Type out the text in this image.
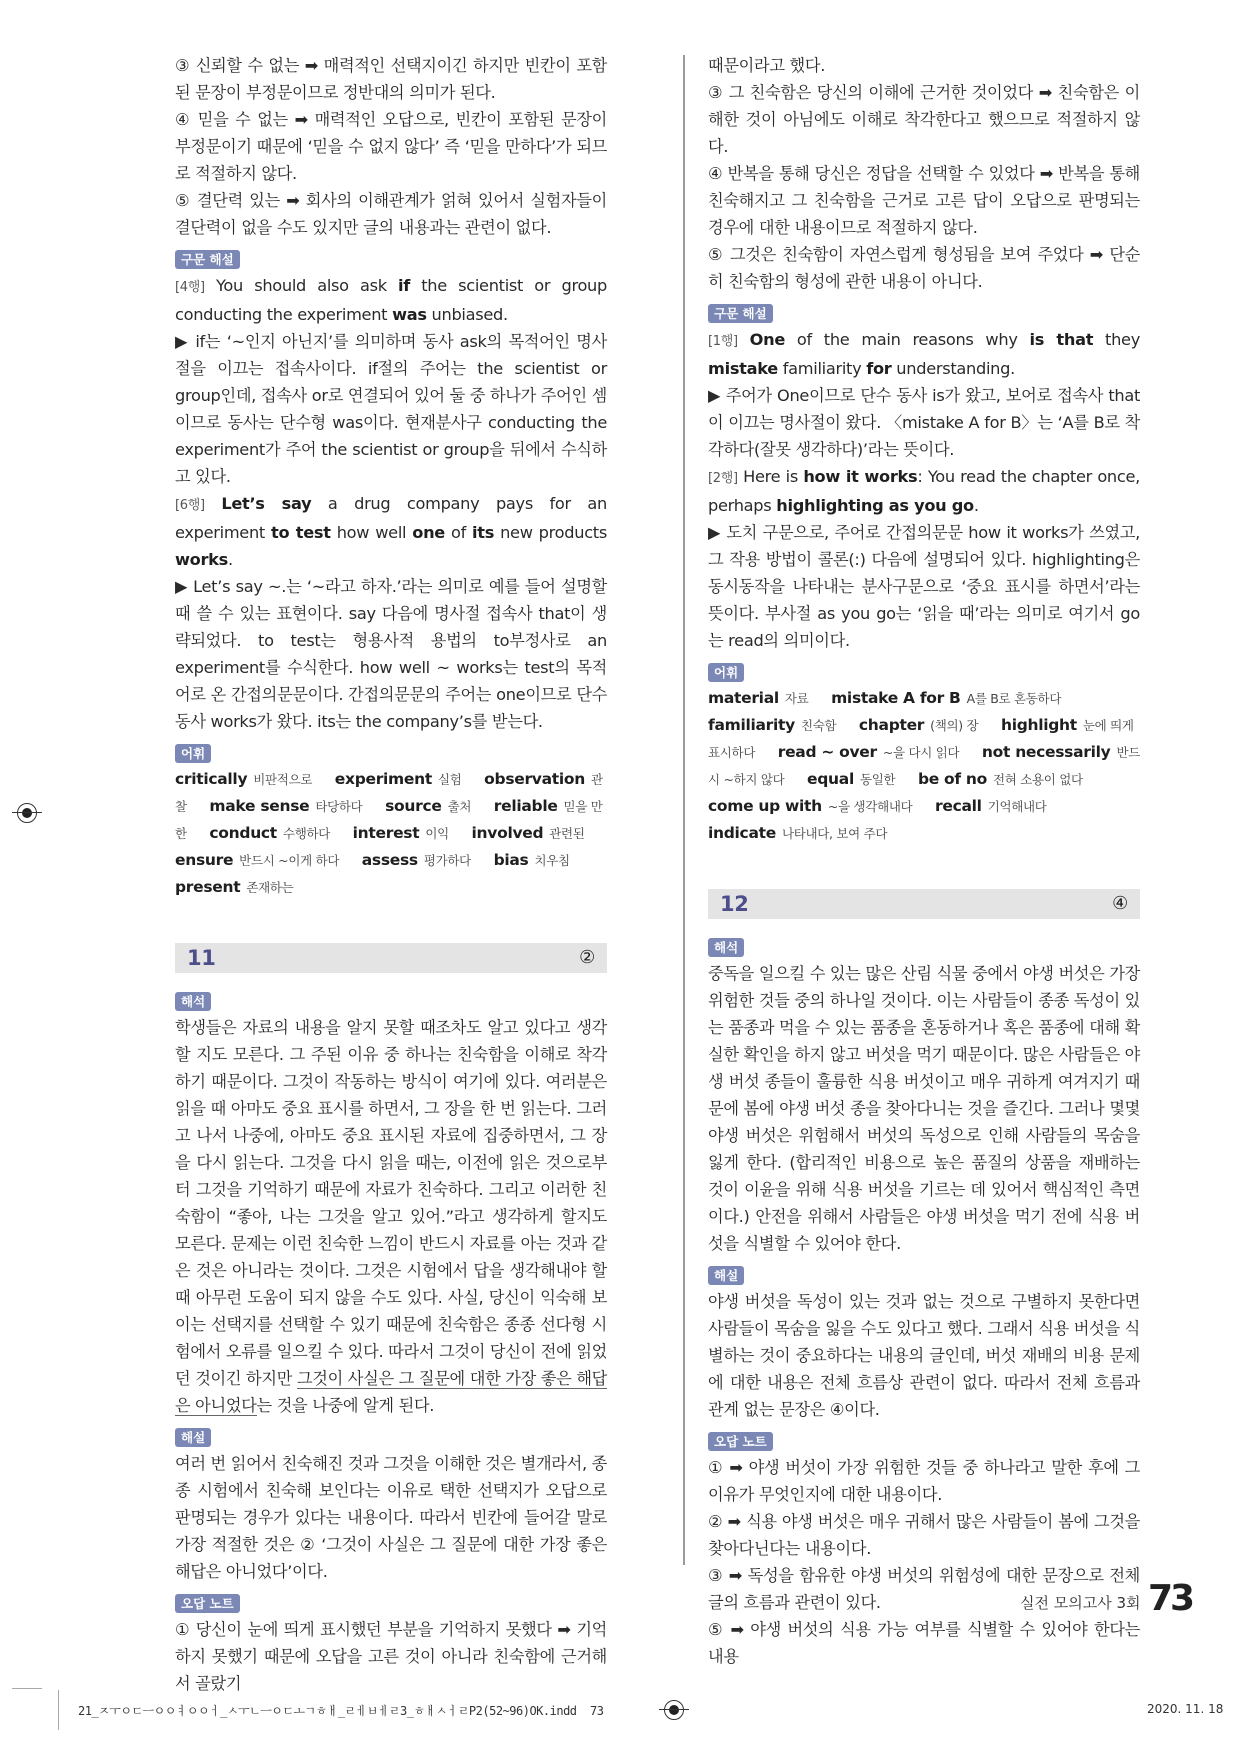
③ 신뢰할 수 없는 ➡ 매력적인 선택지이긴 하지만 빈칸이 포함된 문장이 부정문이므로 정반대의 의미가 된다.

④ 믿을 수 없는 ➡ 매력적인 오답으로, 빈칸이 포함된 문장이 부정문이기 때문에 ‘믿을 수 없지 않다’ 즉 ‘믿을 만하다’가 되므로 적절하지 않다.

⑤ 결단력 있는 ➡ 회사의 이해관계가 얽혀 있어서 실험자들이 결단력이 없을 수도 있지만 글의 내용과는 관련이 없다.

구문 해설

[4행] You should also ask if the scientist or group conducting the experiment was unbiased.

▶ if는 ‘~인지 아닌지’를 의미하며 동사 ask의 목적어인 명사절을 이끄는 접속사이다. if절의 주어는 the scientist or group인데, 접속사 or로 연결되어 있어 둘 중 하나가 주어인 셈이므로 동사는 단수형 was이다. 현재분사구 conducting the experiment가 주어 the scientist or group을 뒤에서 수식하고 있다.

[6행] Let’s say a drug company pays for an experiment to test how well one of its new products works.

▶ Let’s say ~.는 ‘~라고 하자.’라는 의미로 예를 들어 설명할 때 쓸 수 있는 표현이다. say 다음에 명사절 접속사 that이 생략되었다. to test는 형용사적 용법의 to부정사로 an experiment를 수식한다. how well ~ works는 test의 목적어로 온 간접의문문이다. 간접의문문의 주어는 one이므로 단수 동사 works가 왔다. its는 the company’s를 받는다.

어휘

critically 비판적으로 experiment 실험 observation 관찰 make sense 타당하다 source 출처 reliable 믿을 만한 conduct 수행하다 interest 이익 involved 관련된 ensure 반드시 ~이게 하다 assess 평가하다 bias 치우침 present 존재하는

11	②
해석

학생들은 자료의 내용을 알지 못할 때조차도 알고 있다고 생각할 지도 모른다. 그 주된 이유 중 하나는 친숙함을 이해로 착각하기 때문이다. 그것이 작동하는 방식이 여기에 있다. 여러분은 읽을 때 아마도 중요 표시를 하면서, 그 장을 한 번 읽는다. 그러고 나서 나중에, 아마도 중요 표시된 자료에 집중하면서, 그 장을 다시 읽는다. 그것을 다시 읽을 때는, 이전에 읽은 것으로부터 그것을 기억하기 때문에 자료가 친숙하다. 그리고 이러한 친숙함이 “좋아, 나는 그것을 알고 있어.”라고 생각하게 할지도 모른다. 문제는 이런 친숙한 느낌이 반드시 자료를 아는 것과 같은 것은 아니라는 것이다. 그것은 시험에서 답을 생각해내야 할 때 아무런 도움이 되지 않을 수도 있다. 사실, 당신이 익숙해 보이는 선택지를 선택할 수 있기 때문에 친숙함은 종종 선다형 시험에서 오류를 일으킬 수 있다. 따라서 그것이 당신이 전에 읽었던 것이긴 하지만 그것이 사실은 그 질문에 대한 가장 좋은 해답은 아니었다는 것을 나중에 알게 된다.

해설

여러 번 읽어서 친숙해진 것과 그것을 이해한 것은 별개라서, 종종 시험에서 친숙해 보인다는 이유로 택한 선택지가 오답으로 판명되는 경우가 있다는 내용이다. 따라서 빈칸에 들어갈 말로 가장 적절한 것은 ② ‘그것이 사실은 그 질문에 대한 가장 좋은 해답은 아니었다’이다.

오답 노트

① 당신이 눈에 띄게 표시했던 부분을 기억하지 못했다 ➡ 기억하지 못했기 때문에 오답을 고른 것이 아니라 친숙함에 근거해서 골랐기

때문이라고 했다.

③ 그 친숙함은 당신의 이해에 근거한 것이었다 ➡ 친숙함은 이해한 것이 아님에도 이해로 착각한다고 했으므로 적절하지 않다.

④ 반복을 통해 당신은 정답을 선택할 수 있었다 ➡ 반복을 통해 친숙해지고 그 친숙함을 근거로 고른 답이 오답으로 판명되는 경우에 대한 내용이므로 적절하지 않다.

⑤ 그것은 친숙함이 자연스럽게 형성됨을 보여 주었다 ➡ 단순히 친숙함의 형성에 관한 내용이 아니다.

구문 해설

[1행] One of the main reasons why is that they mistake familiarity for understanding.

▶ 주어가 One이므로 단수 동사 is가 왔고, 보어로 접속사 that이 이끄는 명사절이 왔다. 〈mistake A for B〉는 ‘A를 B로 착각하다(잘못 생각하다)’라는 뜻이다.

[2행] Here is how it works: You read the chapter once, perhaps highlighting as you go.

▶ 도치 구문으로, 주어로 간접의문문 how it works가 쓰였고, 그 작용 방법이 콜론(:) 다음에 설명되어 있다. highlighting은 동시동작을 나타내는 분사구문으로 ‘중요 표시를 하면서’라는 뜻이다. 부사절 as you go는 ‘읽을 때’라는 의미로 여기서 go는 read의 의미이다.

어휘

material 자료 mistake A for B A를 B로 혼동하다 familiarity 친숙함 chapter (책의) 장 highlight 눈에 띄게 표시하다 read ~ over ~을 다시 읽다 not necessarily 반드시 ~하지 않다 equal 동일한 be of no 전혀 소용이 없다 come up with ~을 생각해내다 recall 기억해내다 indicate 나타내다, 보여 주다

12	④
해석

중독을 일으킬 수 있는 많은 산림 식물 중에서 야생 버섯은 가장 위험한 것들 중의 하나일 것이다. 이는 사람들이 종종 독성이 있는 품종과 먹을 수 있는 품종을 혼동하거나 혹은 품종에 대해 확실한 확인을 하지 않고 버섯을 먹기 때문이다. 많은 사람들은 야생 버섯 종들이 훌륭한 식용 버섯이고 매우 귀하게 여겨지기 때문에 봄에 야생 버섯 종을 찾아다니는 것을 즐긴다. 그러나 몇몇 야생 버섯은 위험해서 버섯의 독성으로 인해 사람들의 목숨을 잃게 한다. (합리적인 비용으로 높은 품질의 상품을 재배하는 것이 이윤을 위해 식용 버섯을 기르는 데 있어서 핵심적인 측면이다.) 안전을 위해서 사람들은 야생 버섯을 먹기 전에 식용 버섯을 식별할 수 있어야 한다.

해설

야생 버섯을 독성이 있는 것과 없는 것으로 구별하지 못한다면 사람들이 목숨을 잃을 수도 있다고 했다. 그래서 식용 버섯을 식별하는 것이 중요하다는 내용의 글인데, 버섯 재배의 비용 문제에 대한 내용은 전체 흐름상 관련이 없다. 따라서 전체 흐름과 관계 없는 문장은 ④이다.

오답 노트

① ➡ 야생 버섯이 가장 위험한 것들 중 하나라고 말한 후에 그 이유가 무엇인지에 대한 내용이다.

② ➡ 식용 야생 버섯은 매우 귀해서 많은 사람들이 봄에 그것을 찾아다닌다는 내용이다.

③ ➡ 독성을 함유한 야생 버섯의 위험성에 대한 문장으로 전체 글의 흐름과 관련이 있다.

⑤ ➡ 야생 버섯의 식용 가능 여부를 식별할 수 있어야 한다는 내용

실전 모의고사 3회 73
21_ㅈㅜㅇㄷㅡㅇㅇㅕㅇㅇㅓ_ㅅㅜㄴㅡㅇㄷㅗㄱㅎㅐ_ㄹㅔㅂㅔㄹ3_ㅎㅐㅅㅓㄹP2(52~96)OK.indd 73	2020. 11. 18
